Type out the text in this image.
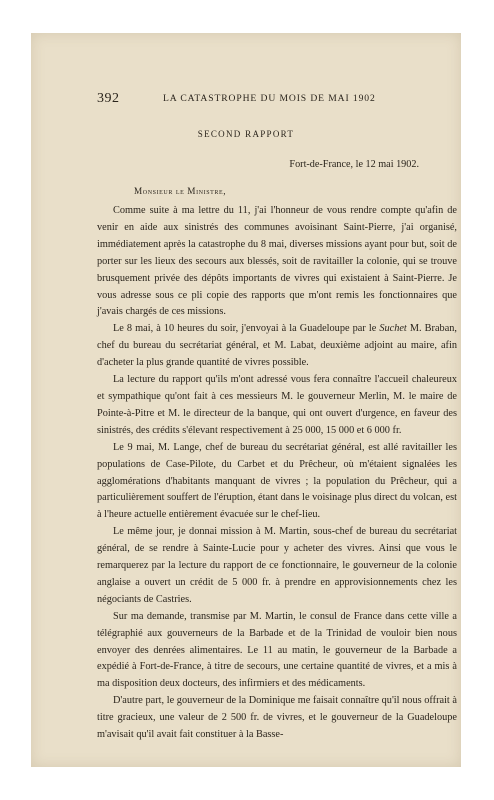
392	LA CATASTROPHE DU MOIS DE MAI 1902
SECOND RAPPORT
Fort-de-France, le 12 mai 1902.
Monsieur le Ministre,

Comme suite à ma lettre du 11, j'ai l'honneur de vous rendre compte qu'afin de venir en aide aux sinistrés des communes avoisinant Saint-Pierre, j'ai organisé, immédiatement après la catastrophe du 8 mai, diverses missions ayant pour but, soit de porter sur les lieux des secours aux blessés, soit de ravitailler la colonie, qui se trouve brusquement privée des dépôts importants de vivres qui existaient à Saint-Pierre. Je vous adresse sous ce pli copie des rapports que m'ont remis les fonctionnaires que j'avais chargés de ces missions.

Le 8 mai, à 10 heures du soir, j'envoyai à la Guadeloupe par le Suchet M. Braban, chef du bureau du secrétariat général, et M. Labat, deuxième adjoint au maire, afin d'acheter la plus grande quantité de vivres possible.

La lecture du rapport qu'ils m'ont adressé vous fera connaître l'accueil chaleureux et sympathique qu'ont fait à ces messieurs M. le gouverneur Merlin, M. le maire de Pointe-à-Pitre et M. le directeur de la banque, qui ont ouvert d'urgence, en faveur des sinistrés, des crédits s'élevant respectivement à 25 000, 15 000 et 6 000 fr.

Le 9 mai, M. Lange, chef de bureau du secrétariat général, est allé ravitailler les populations de Case-Pilote, du Carbet et du Prêcheur, où m'étaient signalées les agglomérations d'habitants manquant de vivres ; la population du Prêcheur, qui a particulièrement souffert de l'éruption, étant dans le voisinage plus direct du volcan, est à l'heure actuelle entièrement évacuée sur le chef-lieu.

Le même jour, je donnai mission à M. Martin, sous-chef de bureau du secrétariat général, de se rendre à Sainte-Lucie pour y acheter des vivres. Ainsi que vous le remarquerez par la lecture du rapport de ce fonctionnaire, le gouverneur de la colonie anglaise a ouvert un crédit de 5 000 fr. à prendre en approvisionnements chez les négociants de Castries.

Sur ma demande, transmise par M. Martin, le consul de France dans cette ville a télégraphié aux gouverneurs de la Barbade et de la Trinidad de vouloir bien nous envoyer des denrées alimentaires. Le 11 au matin, le gouverneur de la Barbade a expédié à Fort-de-France, à titre de secours, une certaine quantité de vivres, et a mis à ma disposition deux docteurs, des infirmiers et des médicaments.

D'autre part, le gouverneur de la Dominique me faisait connaître qu'il nous offrait à titre gracieux, une valeur de 2 500 fr. de vivres, et le gouverneur de la Guadeloupe m'avisait qu'il avait fait constituer à la Basse-
